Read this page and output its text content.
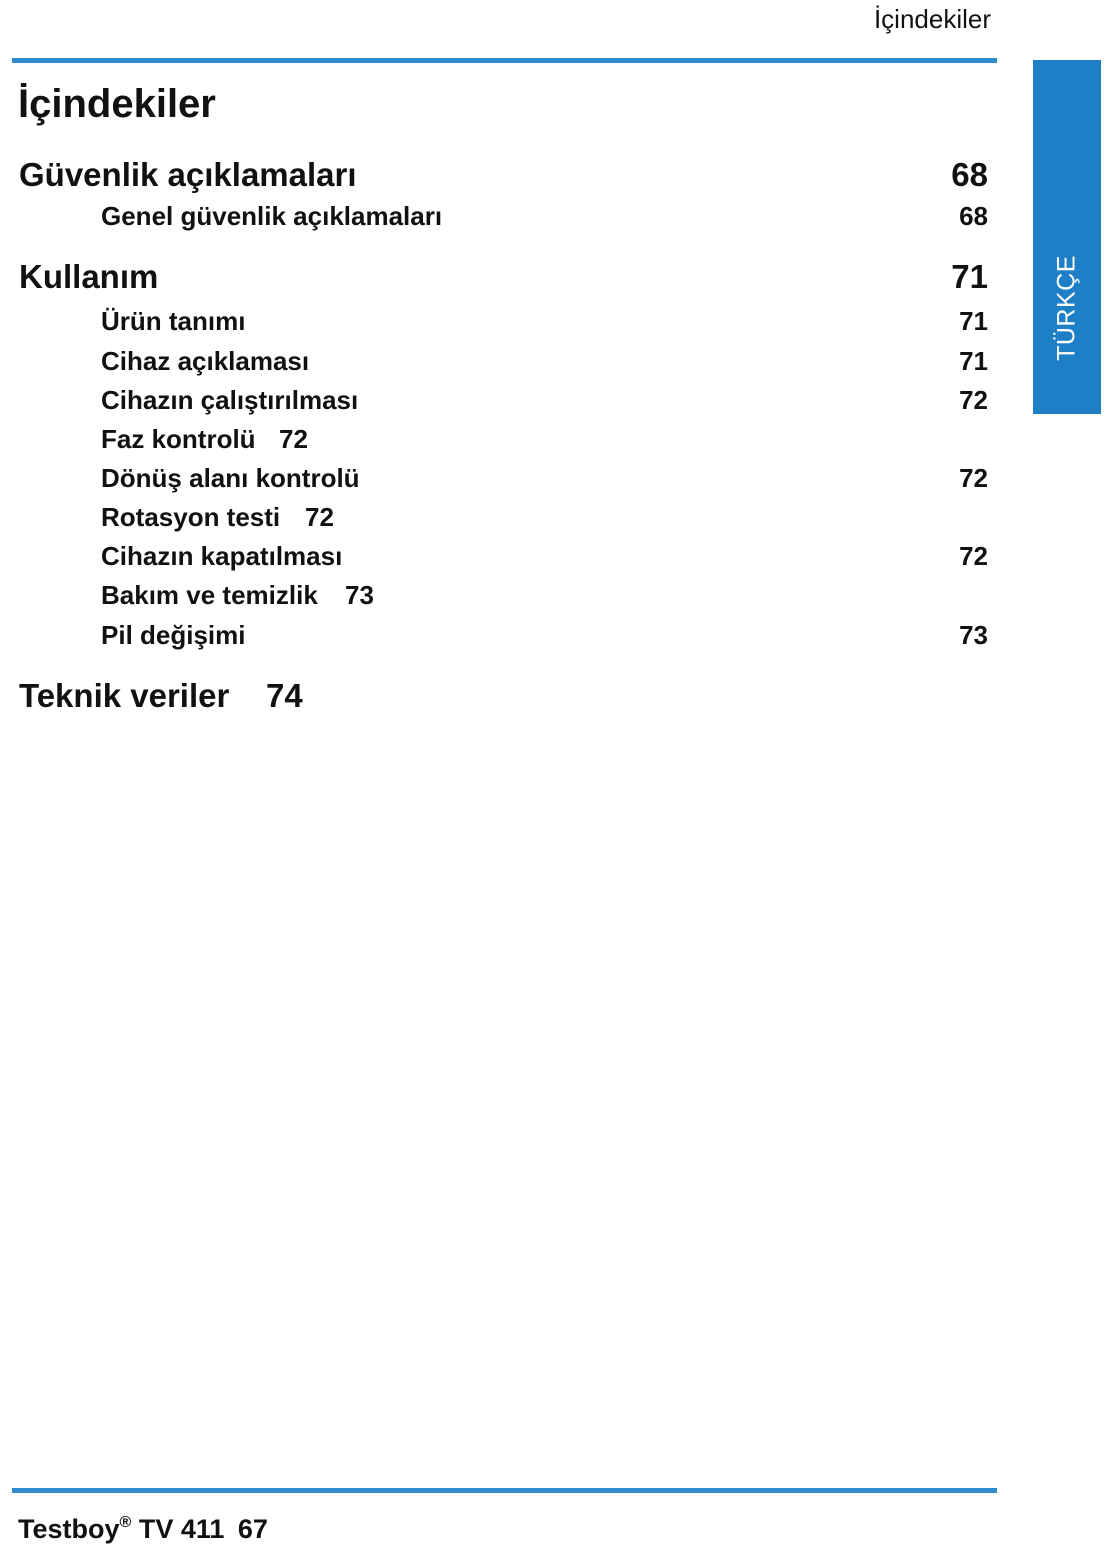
İçindekiler
TÜRKÇE
İçindekiler
Güvenlik açıklamaları	68
Genel güvenlik açıklamaları	68
Kullanım	71
Ürün tanımı	71
Cihaz açıklaması	71
Cihazın çalıştırılması	72
Faz kontrolü 72
Dönüş alanı kontrolü	72
Rotasyon testi 72
Cihazın kapatılması	72
Bakım ve temizlik 73
Pil değişimi	73
Teknik veriler 74
Testboy® TV 411 67
